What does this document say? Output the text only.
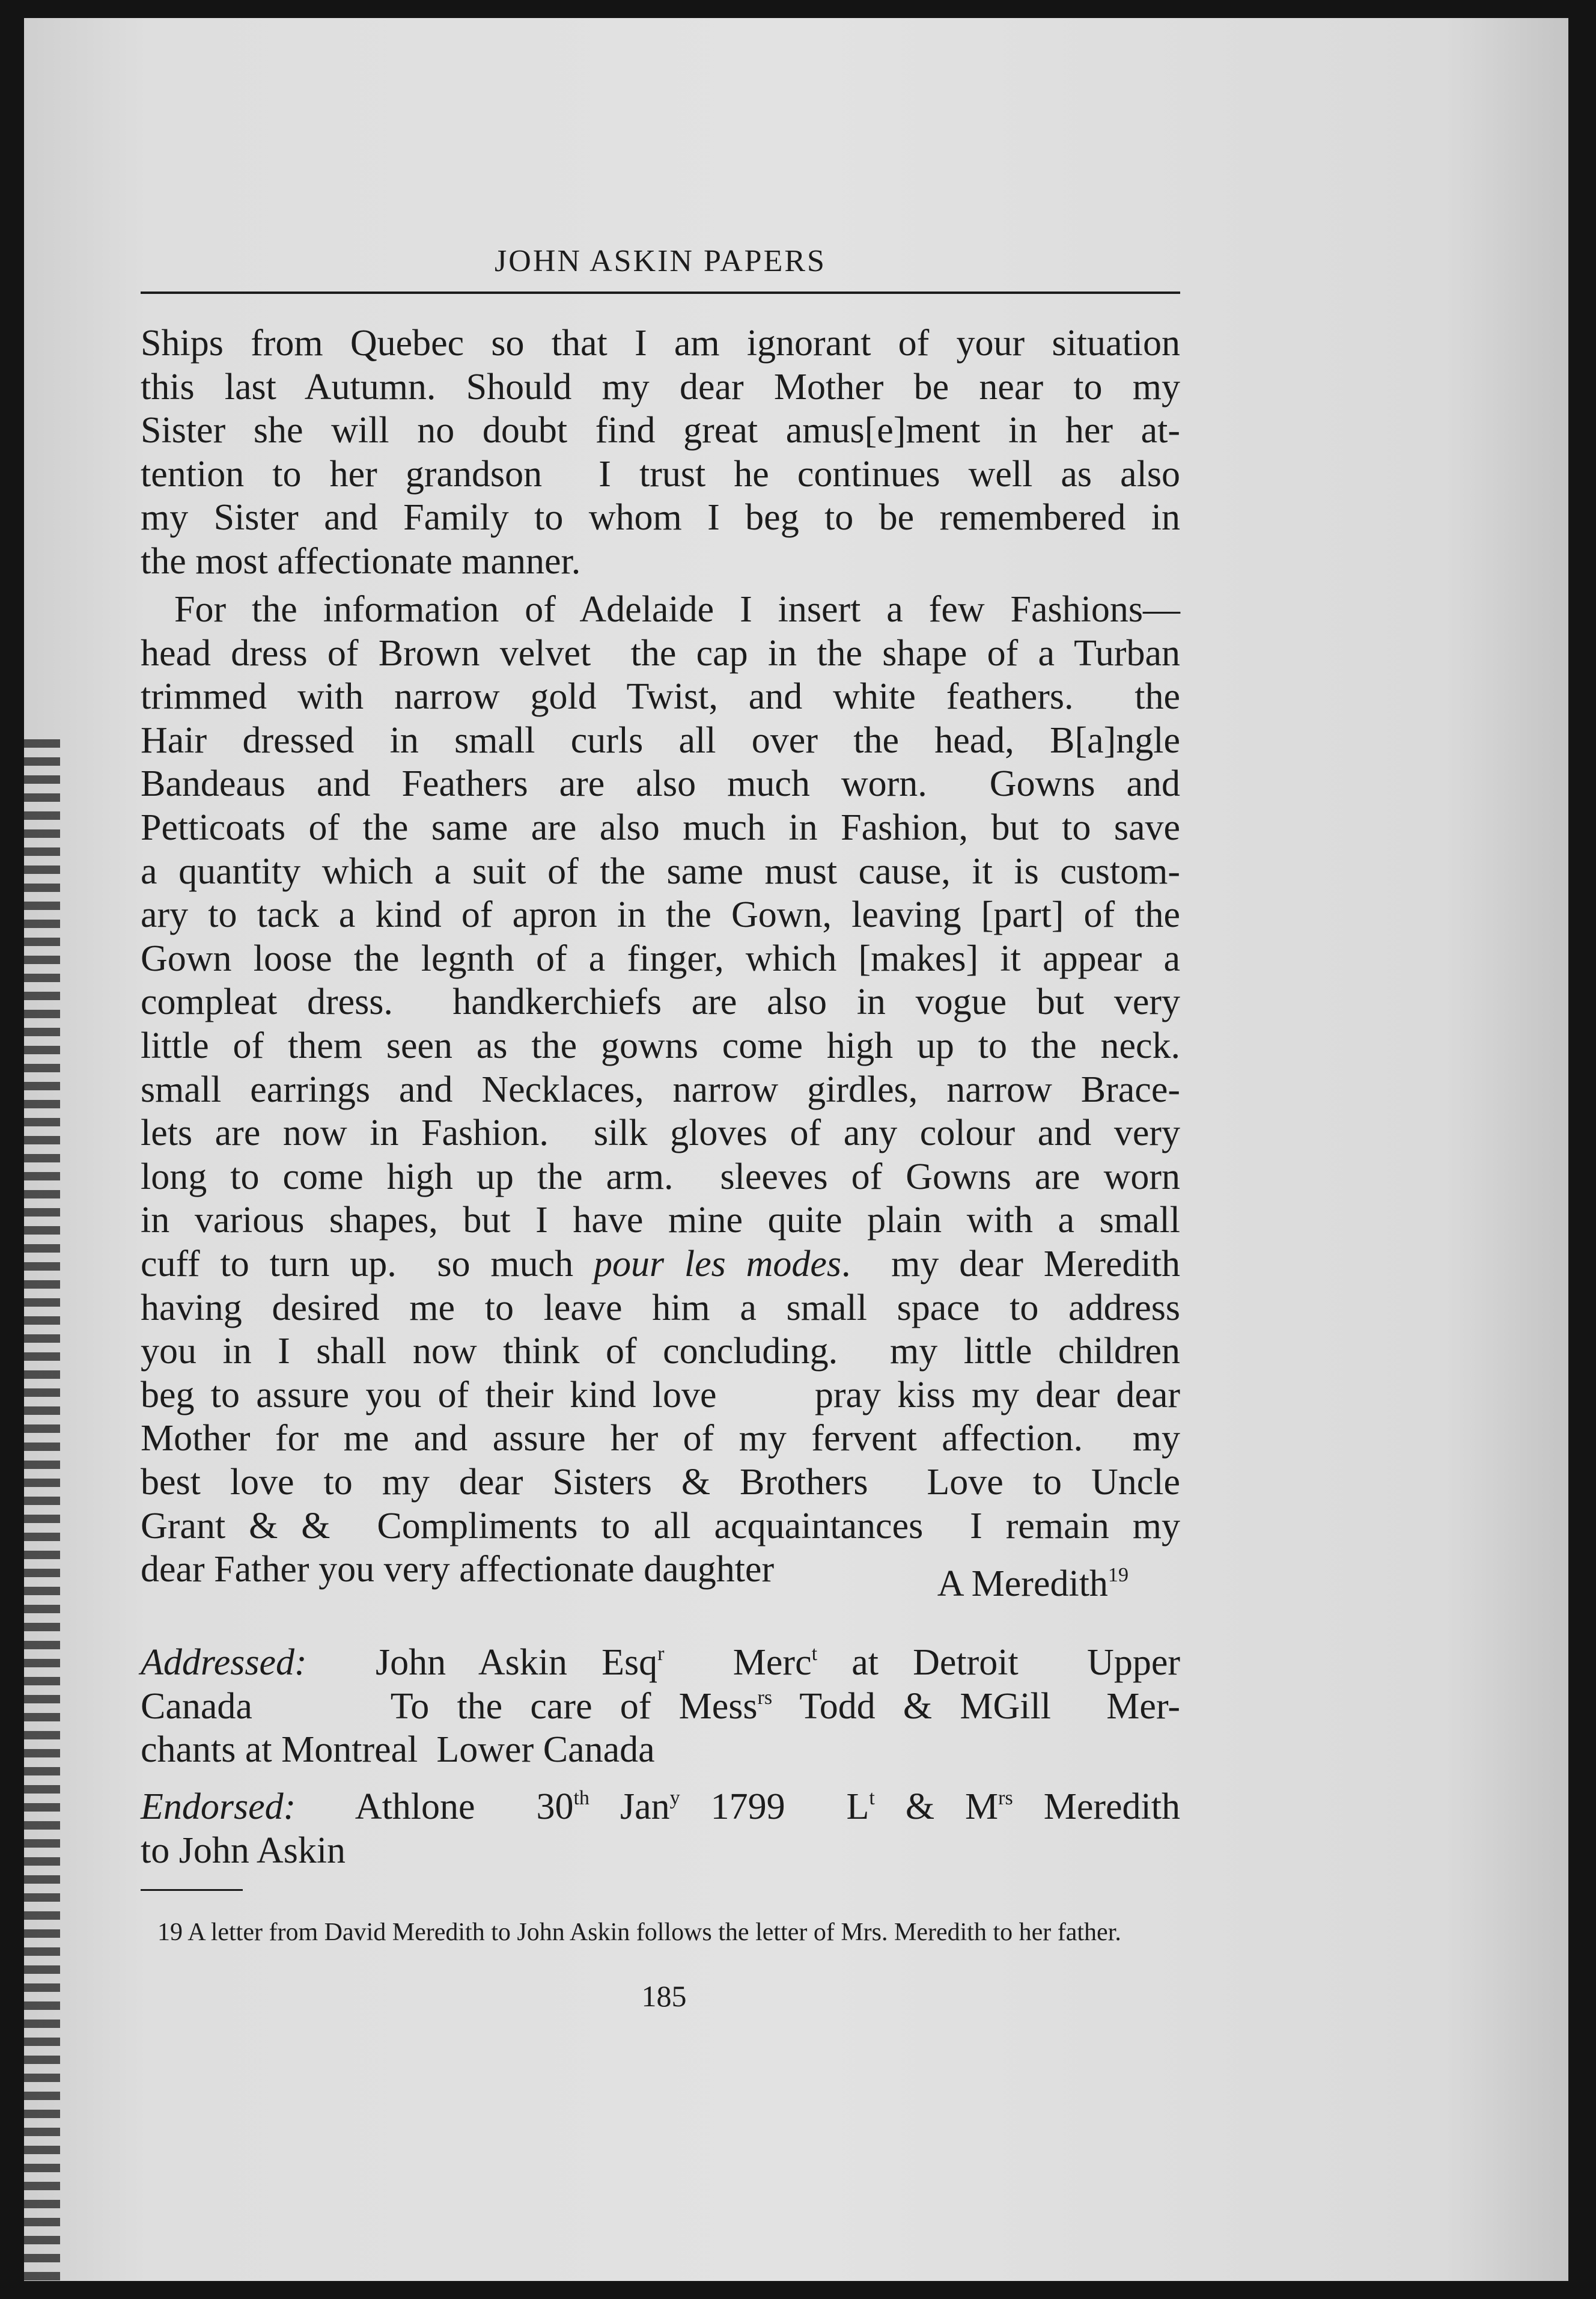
JOHN ASKIN PAPERS
Ships from Quebec so that I am ignorant of your situation
this last Autumn. Should my dear Mother be near to my
Sister she will no doubt find great amus[e]ment in her at-
tention to her grandson  I trust he continues well as also
my Sister and Family to whom I beg to be remembered in
the most affectionate manner.
For the information of Adelaide I insert a few Fashions—
head dress of Brown velvet  the cap in the shape of a Turban
trimmed with narrow gold Twist, and white feathers.  the
Hair dressed in small curls all over the head, B[a]ngle
Bandeaus and Feathers are also much worn.  Gowns and
Petticoats of the same are also much in Fashion, but to save
a quantity which a suit of the same must cause, it is custom-
ary to tack a kind of apron in the Gown, leaving [part] of the
Gown loose the legnth of a finger, which [makes] it appear a
compleat dress.  handkerchiefs are also in vogue but very
little of them seen as the gowns come high up to the neck.
small earrings and Necklaces, narrow girdles, narrow Brace-
lets are now in Fashion.  silk gloves of any colour and very
long to come high up the arm.  sleeves of Gowns are worn
in various shapes, but I have mine quite plain with a small
cuff to turn up.  so much pour les modes.  my dear Meredith
having desired me to leave him a small space to address
you in I shall now think of concluding.  my little children
beg to assure you of their kind love      pray kiss my dear dear
Mother for me and assure her of my fervent affection.  my
best love to my dear Sisters & Brothers  Love to Uncle
Grant & &  Compliments to all acquaintances  I remain my
dear Father you very affectionate daughter
Addressed:  John Askin Esq$^r$  Merc$^t$ at Detroit  Upper
Canada     To the care of Mess$^{rs}$ Todd & MGill  Mer-
chants at Montreal  Lower Canada
Endorsed:  Athlone  30th Jan$^y$ 1799  $L^t$ & $M^{rs}$ Meredith
to John Askin
A Meredith$^{19}$
19 A letter from David Meredith to John Askin follows the letter of Mrs. Meredith to her father.
185
